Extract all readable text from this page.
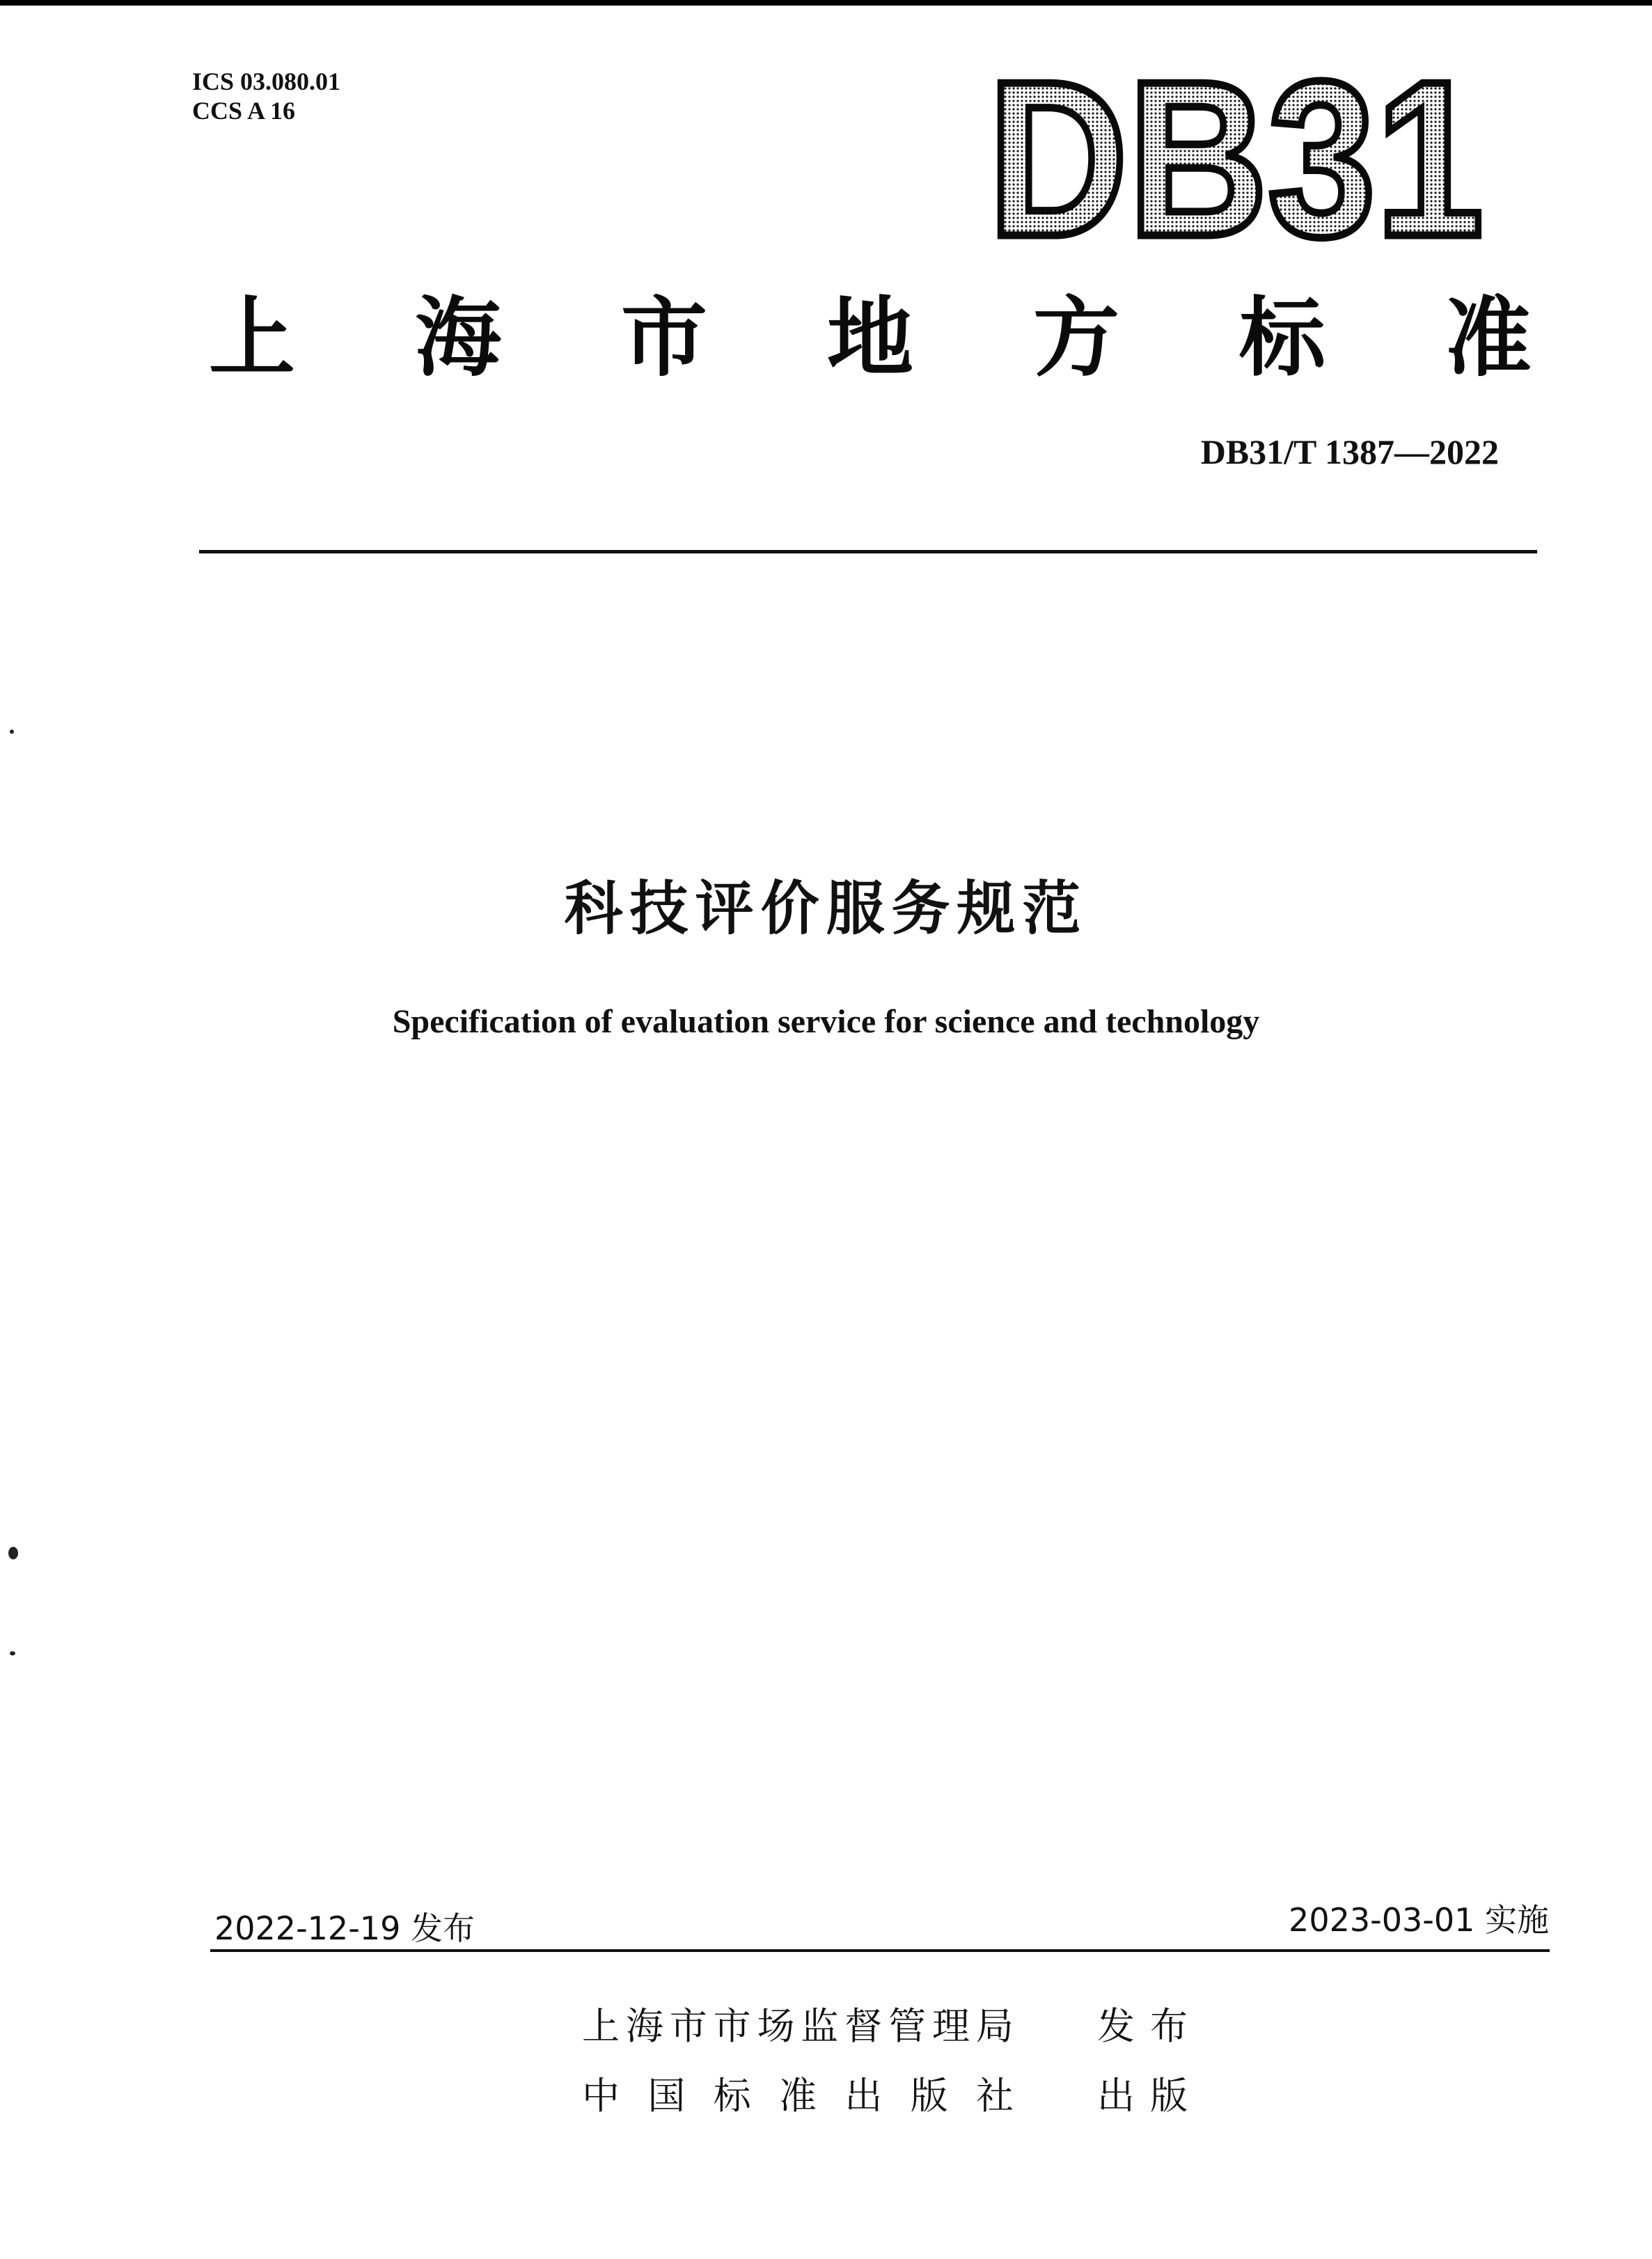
ICS 03.080.01
CCS A 16	DB31
上 海 市 地 方 标 准
DB31/T 1387—2022
科技评价服务规范
Specification of evaluation service for science and technology
2022-12-19 发布	2023-03-01 实施
上 海 市 市 场 监 督 管 理 局 发 布
中 国 标 准 出 版 社 出 版
